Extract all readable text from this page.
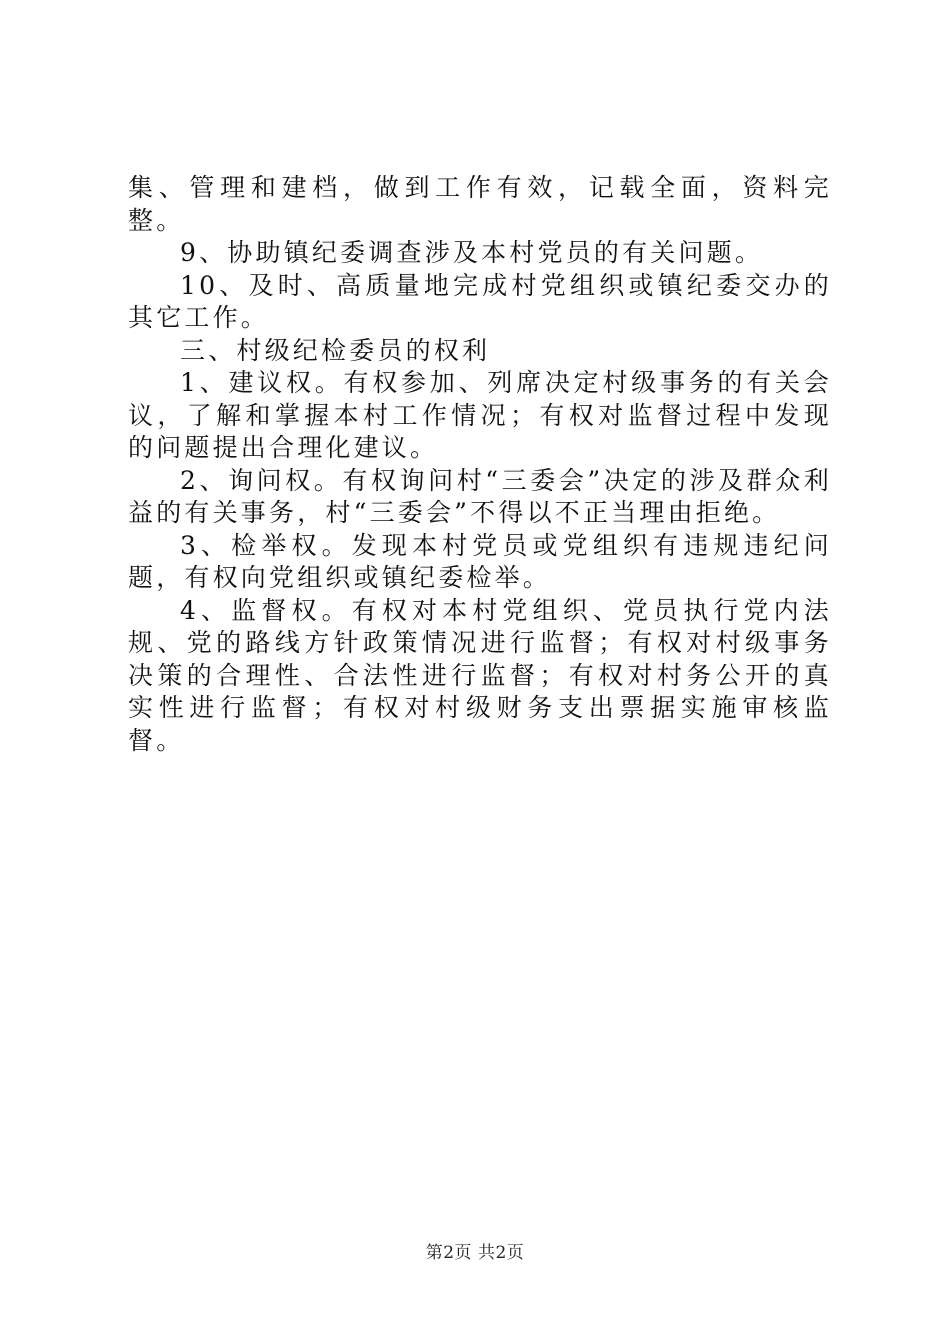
集、管理和建档，做到工作有效，记载全面，资料完整。

9、协助镇纪委调查涉及本村党员的有关问题。

10、及时、高质量地完成村党组织或镇纪委交办的其它工作。

三、村级纪检委员的权利

1、建议权。有权参加、列席决定村级事务的有关会议，了解和掌握本村工作情况；有权对监督过程中发现的问题提出合理化建议。

2、询问权。有权询问村“三委会”决定的涉及群众利益的有关事务，村“三委会”不得以不正当理由拒绝。

3、检举权。发现本村党员或党组织有违规违纪问题，有权向党组织或镇纪委检举。

4、监督权。有权对本村党组织、党员执行党内法规、党的路线方针政策情况进行监督；有权对村级事务决策的合理性、合法性进行监督；有权对村务公开的真实性进行监督；有权对村级财务支出票据实施审核监督。

第2页 共2页
